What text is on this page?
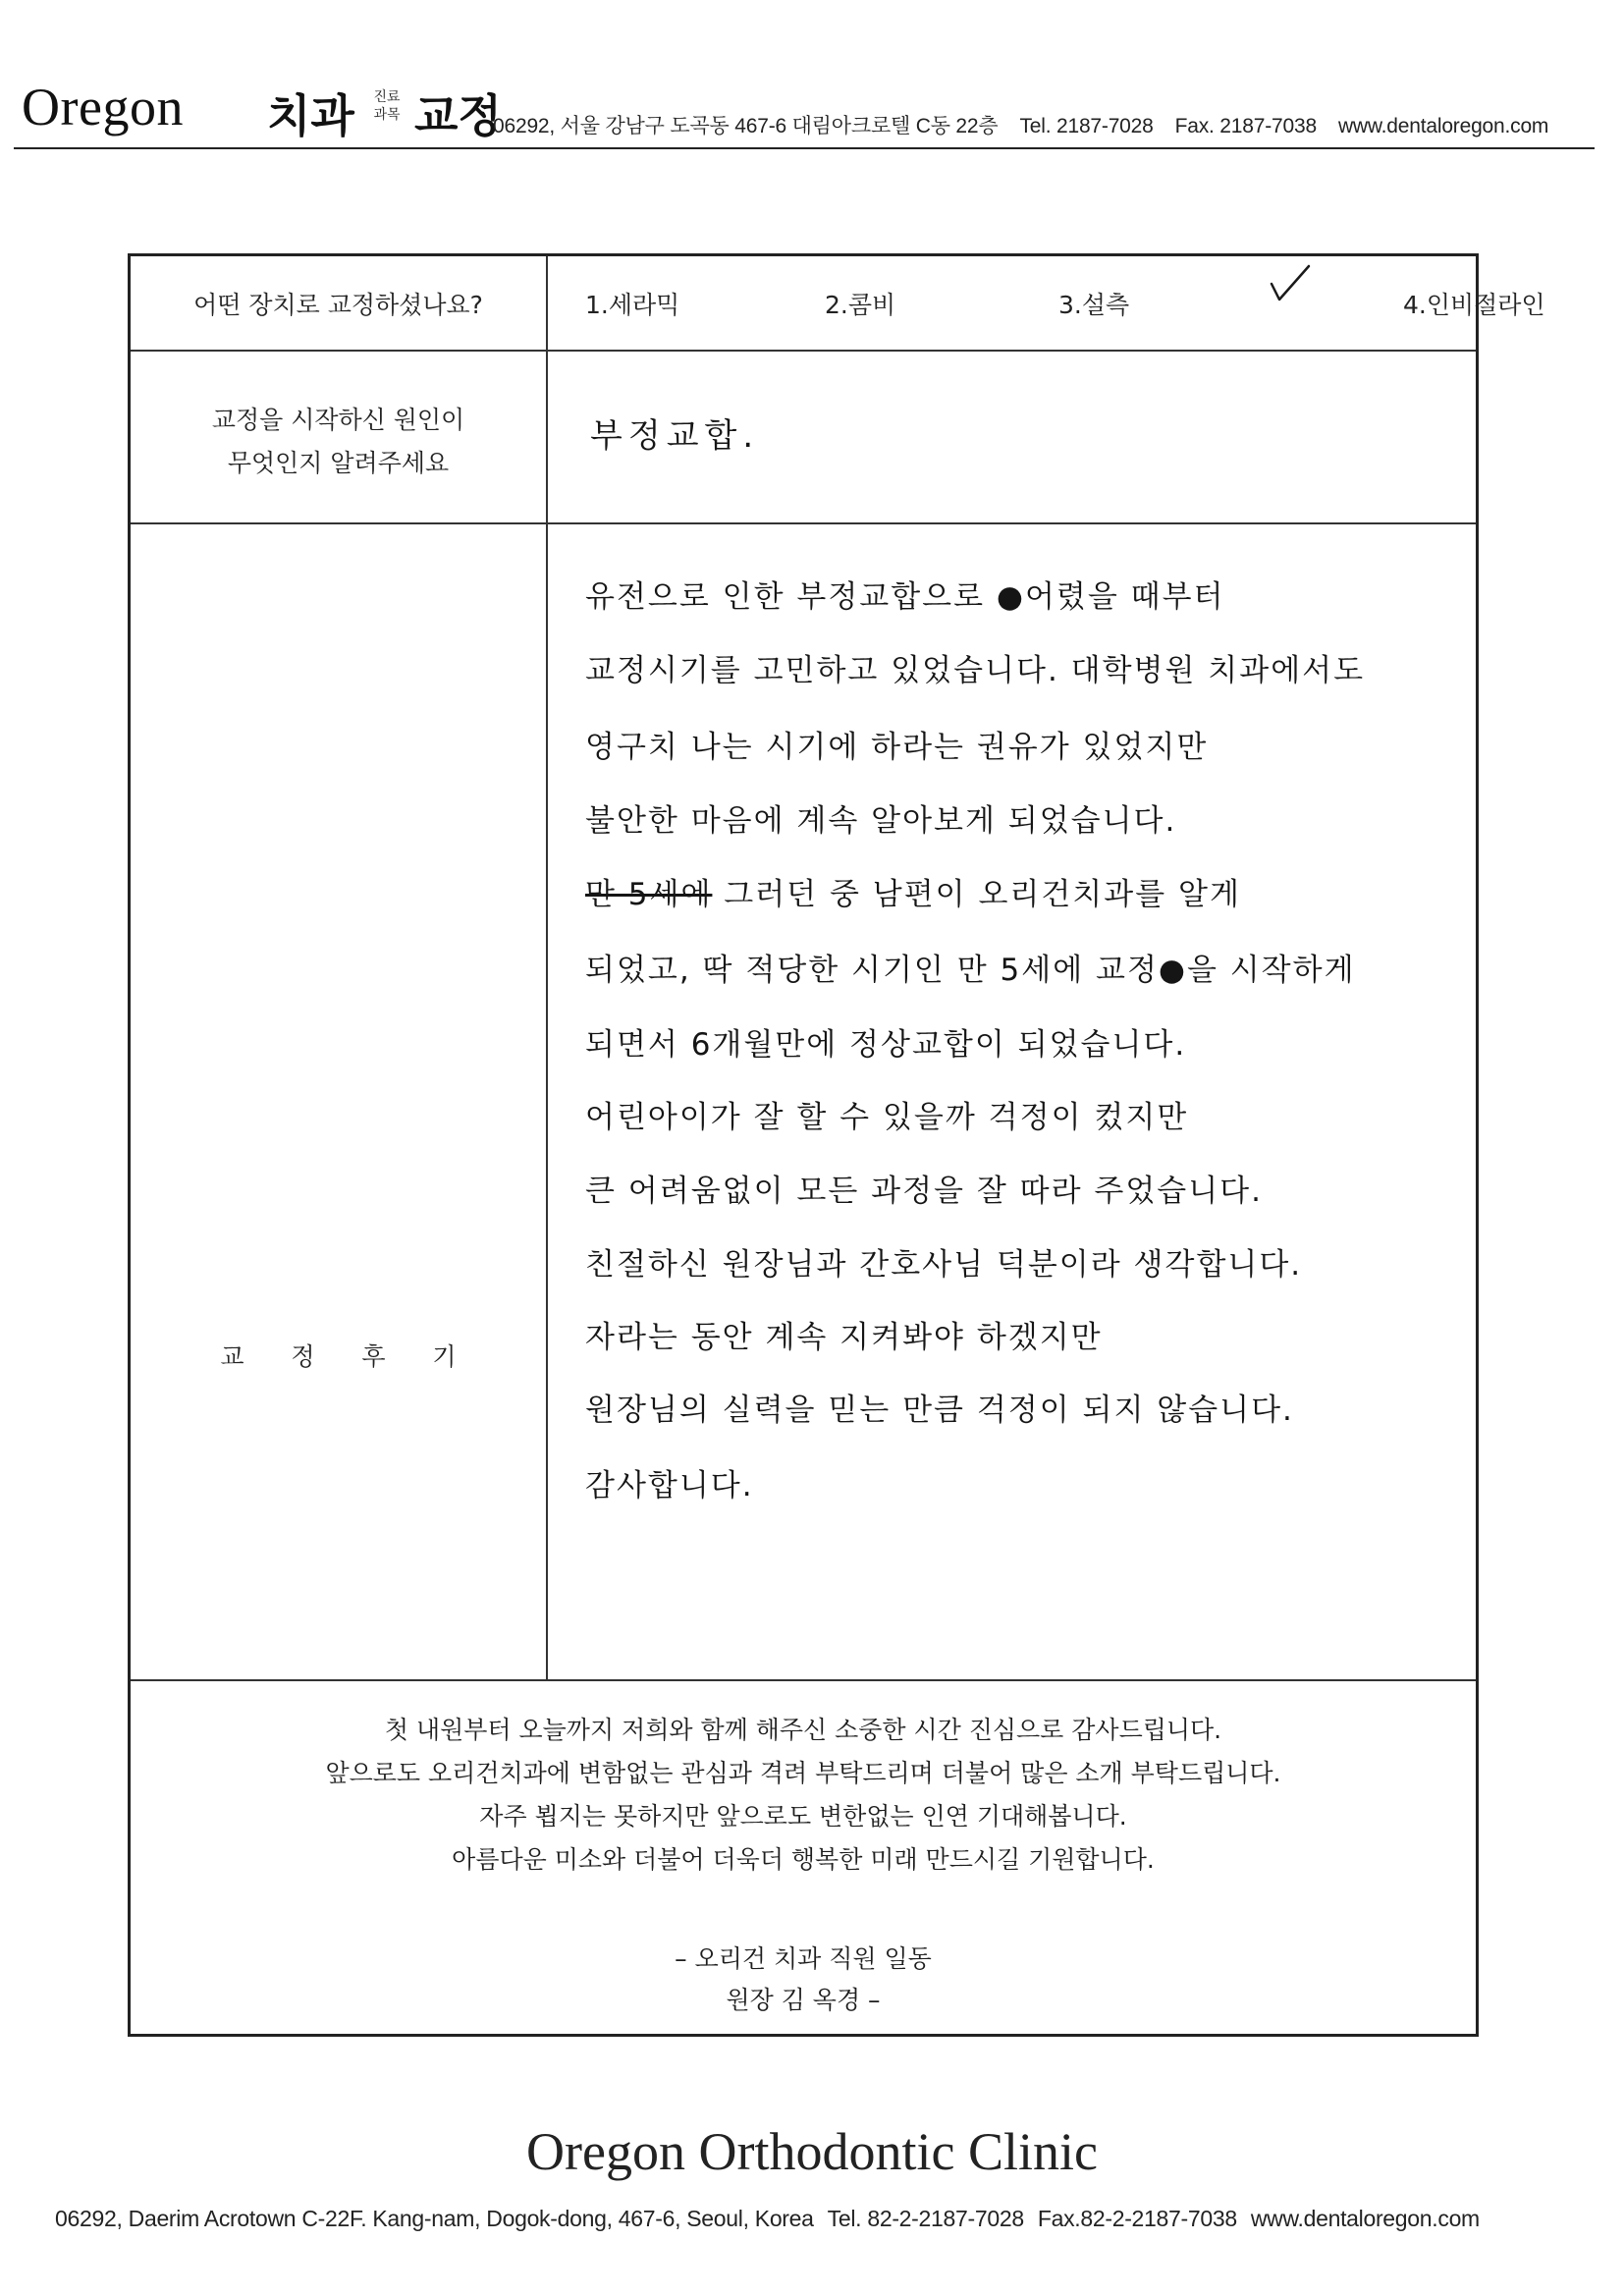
Oregon 치과	진료
과목 교정
06292, 서울 강남구 도곡동 467-6 대림아크로텔 C동 22층 Tel. 2187-7028 Fax. 2187-7038 www.dentaloregon.com
어떤 장치로 교정하셨나요?	1.세라믹	2.콤비	3.설측	4.인비절라인
교정을 시작하신 원인이
무엇인지 알려주세요
부정교합.
교 정 후 기
유전으로 인한 부정교합으로 ●어렸을 때부터
교정시기를 고민하고 있었습니다. 대학병원 치과에서도
영구치 나는 시기에 하라는 권유가 있었지만
불안한 마음에 계속 알아보게 되었습니다.
만 5세에 그러던 중 남편이 오리건치과를 알게
되었고, 딱 적당한 시기인 만 5세에 교정●을 시작하게
되면서 6개월만에 정상교합이 되었습니다.
어린아이가 잘 할 수 있을까 걱정이 컸지만
큰 어려움없이 모든 과정을 잘 따라 주었습니다.
친절하신 원장님과 간호사님 덕분이라 생각합니다.
자라는 동안 계속 지켜봐야 하겠지만
원장님의 실력을 믿는 만큼 걱정이 되지 않습니다.
감사합니다.
첫 내원부터 오늘까지 저희와 함께 해주신 소중한 시간 진심으로 감사드립니다.
앞으로도 오리건치과에 변함없는 관심과 격려 부탁드리며 더불어 많은 소개 부탁드립니다.
자주 뵙지는 못하지만 앞으로도 변한없는 인연 기대해봅니다.
아름다운 미소와 더불어 더욱더 행복한 미래 만드시길 기원합니다.
– 오리건 치과 직원 일동
원장 김 옥경 –
Oregon Orthodontic Clinic
06292, Daerim Acrotown C-22F. Kang-nam, Dogok-dong, 467-6, Seoul, Korea Tel. 82-2-2187-7028 Fax.82-2-2187-7038 www.dentaloregon.com
